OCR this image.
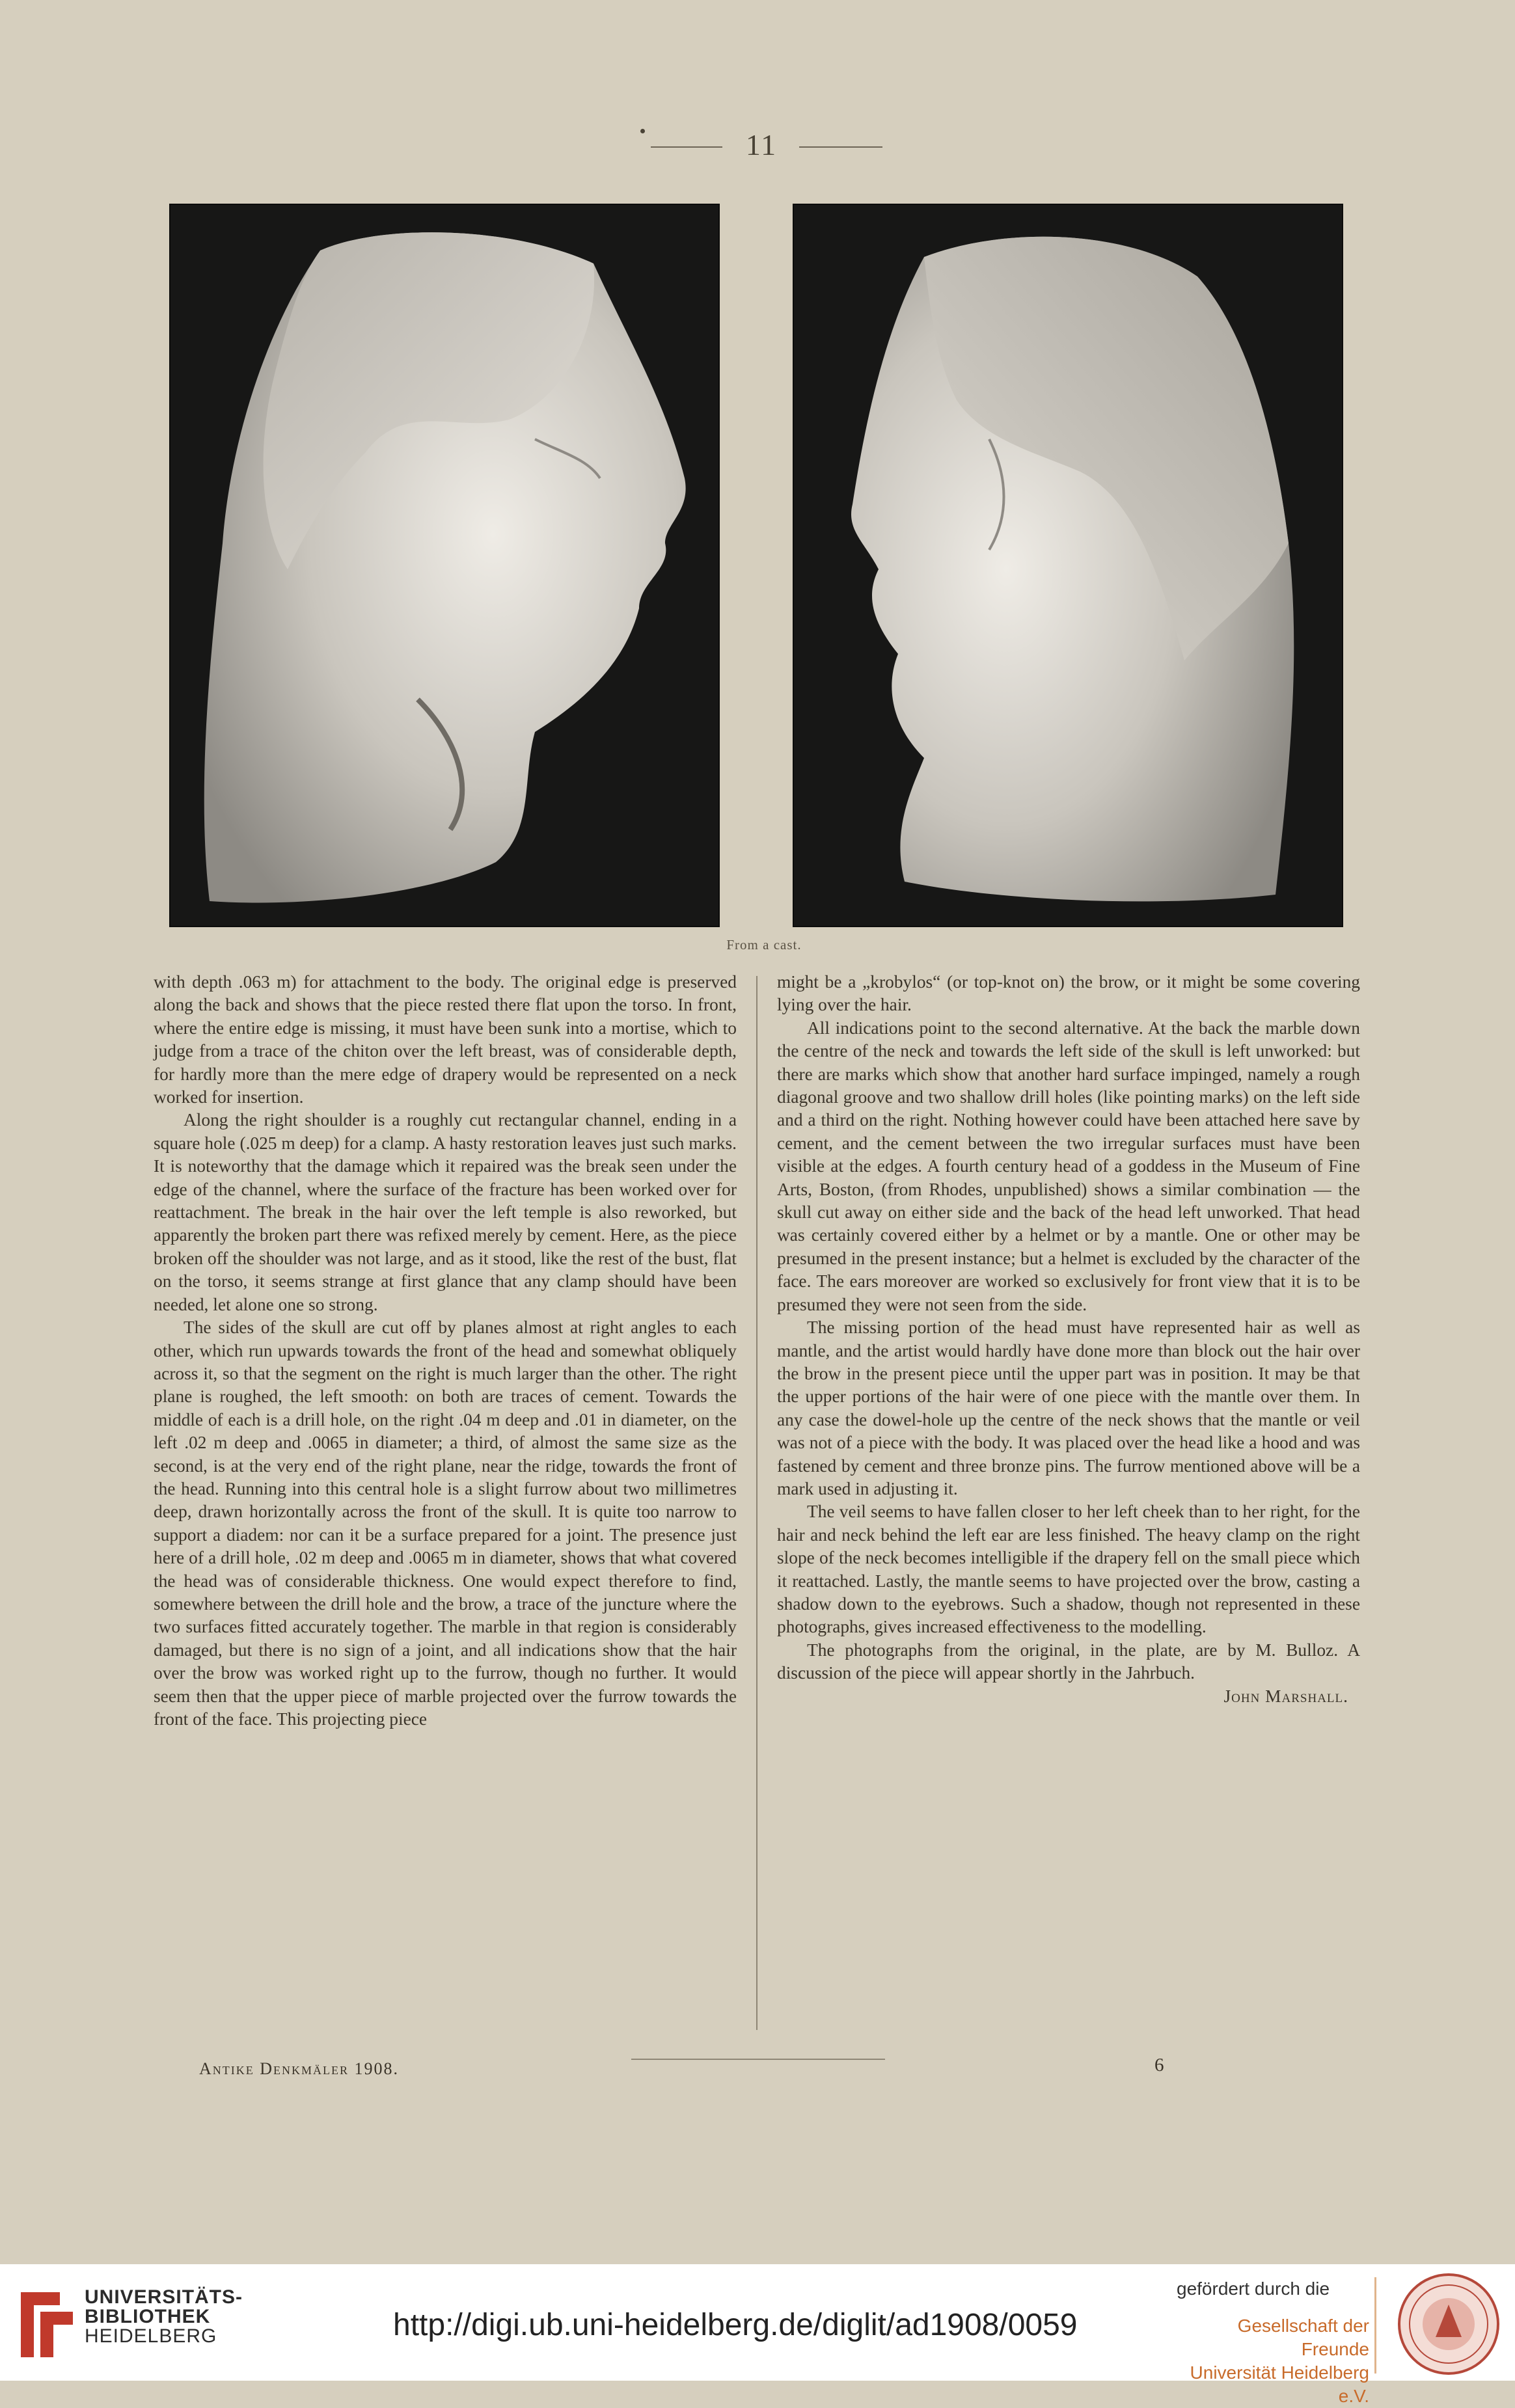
11
From a cast.

with depth .063 m) for attachment to the body. The original edge is preserved along the back and shows that the piece rested there flat upon the torso. In front, where the entire edge is missing, it must have been sunk into a mortise, which to judge from a trace of the chiton over the left breast, was of considerable depth, for hardly more than the mere edge of drapery would be represented on a neck worked for insertion.

Along the right shoulder is a roughly cut rectangular channel, ending in a square hole (.025 m deep) for a clamp. A hasty restoration leaves just such marks. It is noteworthy that the damage which it repaired was the break seen under the edge of the channel, where the surface of the fracture has been worked over for reattachment. The break in the hair over the left temple is also reworked, but apparently the broken part there was refixed merely by cement. Here, as the piece broken off the shoulder was not large, and as it stood, like the rest of the bust, flat on the torso, it seems strange at first glance that any clamp should have been needed, let alone one so strong.

The sides of the skull are cut off by planes almost at right angles to each other, which run upwards towards the front of the head and somewhat obliquely across it, so that the segment on the right is much larger than the other. The right plane is roughed, the left smooth: on both are traces of cement. Towards the middle of each is a drill hole, on the right .04 m deep and .01 in diameter, on the left .02 m deep and .0065 in diameter; a third, of almost the same size as the second, is at the very end of the right plane, near the ridge, towards the front of the head. Running into this central hole is a slight furrow about two millimetres deep, drawn horizontally across the front of the skull. It is quite too narrow to support a diadem: nor can it be a surface prepared for a joint. The presence just here of a drill hole, .02 m deep and .0065 m in diameter, shows that what covered the head was of considerable thickness. One would expect therefore to find, somewhere between the drill hole and the brow, a trace of the juncture where the two surfaces fitted accurately together. The marble in that region is considerably damaged, but there is no sign of a joint, and all indications show that the hair over the brow was worked right up to the furrow, though no further. It would seem then that the upper piece of marble projected over the furrow towards the front of the face. This projecting piece

might be a „krobylos“ (or top-knot on) the brow, or it might be some covering lying over the hair.

All indications point to the second alternative. At the back the marble down the centre of the neck and towards the left side of the skull is left unworked: but there are marks which show that another hard surface impinged, namely a rough diagonal groove and two shallow drill holes (like pointing marks) on the left side and a third on the right. Nothing however could have been attached here save by cement, and the cement between the two irregular surfaces must have been visible at the edges. A fourth century head of a goddess in the Museum of Fine Arts, Boston, (from Rhodes, unpublished) shows a similar combination — the skull cut away on either side and the back of the head left unworked. That head was certainly covered either by a helmet or by a mantle. One or other may be presumed in the present instance; but a helmet is excluded by the character of the face. The ears moreover are worked so exclusively for front view that it is to be presumed they were not seen from the side.

The missing portion of the head must have represented hair as well as mantle, and the artist would hardly have done more than block out the hair over the brow in the present piece until the upper part was in position. It may be that the upper portions of the hair were of one piece with the mantle over them. In any case the dowel-hole up the centre of the neck shows that the mantle or veil was not of a piece with the body. It was placed over the head like a hood and was fastened by cement and three bronze pins. The furrow mentioned above will be a mark used in adjusting it.

The veil seems to have fallen closer to her left cheek than to her right, for the hair and neck behind the left ear are less finished. The heavy clamp on the right slope of the neck becomes intelligible if the drapery fell on the small piece which it reattached. Lastly, the mantle seems to have projected over the brow, casting a shadow down to the eyebrows. Such a shadow, though not represented in these photographs, gives increased effectiveness to the modelling.

The photographs from the original, in the plate, are by M. Bulloz. A discussion of the piece will appear shortly in the Jahrbuch.

John Marshall.

Antike Denkmäler 1908.	6
UNIVERSITÄTS-
BIBLIOTHEK
HEIDELBERG	http://digi.ub.uni-heidelberg.de/diglit/ad1908/0059
gefördert durch die
Gesellschaft der Freunde
Universität Heidelberg e.V.
